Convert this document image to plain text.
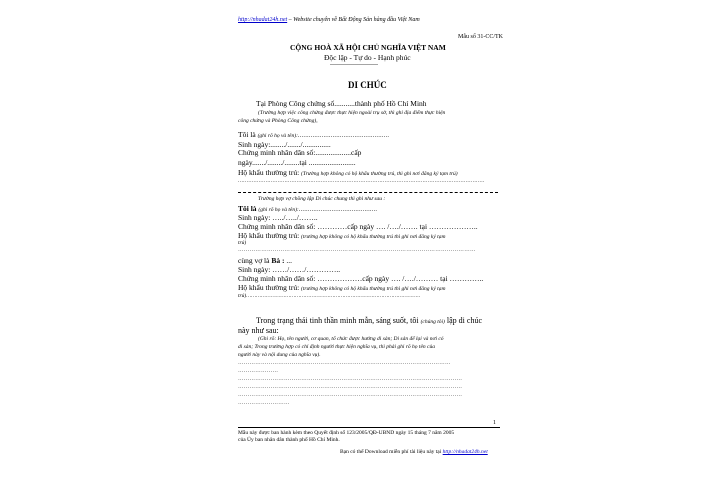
http://nhadat24h.net – Website chuyên về Bất Động Sản hàng đầu Việt Nam
Mẫu số 31-CC/TK
CỘNG HOÀ XÃ HỘI CHỦ NGHĨA VIỆT NAM
Độc lập - Tự do - Hạnh phúc
------------------------
DI CHÚC
Tại Phòng Công chứng số...........thành phố Hồ Chí Minh
(Trường hợp việc công chứng được thực hiện ngoài trụ sở, thì ghi địa điểm thực hiện
công chứng và Phòng Công chứng),
Tôi là (ghi rõ họ và tên):..................................................
Sinh ngày:......../......./...............
Chứng minh nhân dân số:...................cấp
ngày......./......../........tại .........................
Hộ khẩu thường trú: (Trường hợp không có hộ khẩu thường trú, thì ghi nơi đăng ký tạm trú)
...............................................................................................................................................
Trường hợp vợ chồng lập Di chúc chung thì ghi như sau :
Tôi là (ghi rõ họ và tên):...........................................
Sinh ngày: …../…../……..
Chứng minh nhân dân số: …………cấp ngày …. /…./……. tại ………………..
Hộ khẩu thường trú: (trường hợp không có hộ khẩu thường trú thì ghi nơi đăng ký tạm
trú)
……………………………………………………………………………………………………………
cùng vợ là Bà : ...
Sinh ngày: ……/……/…………..
Chứng minh nhân dân số: ………………cấp ngày …. /…./……… tại …………..
Hộ khẩu thường trú: (trường hợp không có hộ khẩu thường trú thì ghi nơi đăng ký tạm
trú)……………………………………………………………………………………………..
Trong trạng thái tinh thần minh mẫn, sáng suốt, tôi (chúng tôi) lập di chúc
này như sau:
(Ghi rõ: Họ, tên người, cơ quan, tổ chức được hưởng di sản; Di sản để lại và nơi có
di sản; Trong trường hợp có chỉ định người thực hiện nghĩa vụ, thì phải ghi rõ họ tên của
người này và nội dung của nghĩa vụ).
…………………………………………………………………………………………………
…………………
………………………………………………………………………………………………………
………………………………………………………………………………………………………
………………………………………………………………………………………………………
………………………
1
Mẫu này được ban hành kèm theo Quyết định số 123/2005/QĐ-UBND ngày 15 tháng 7 năm 2005
của Ủy ban nhân dân thành phố Hồ Chí Minh.
Bạn có thể Download miễn phí tài liệu này tại http://nhadat24h.net
